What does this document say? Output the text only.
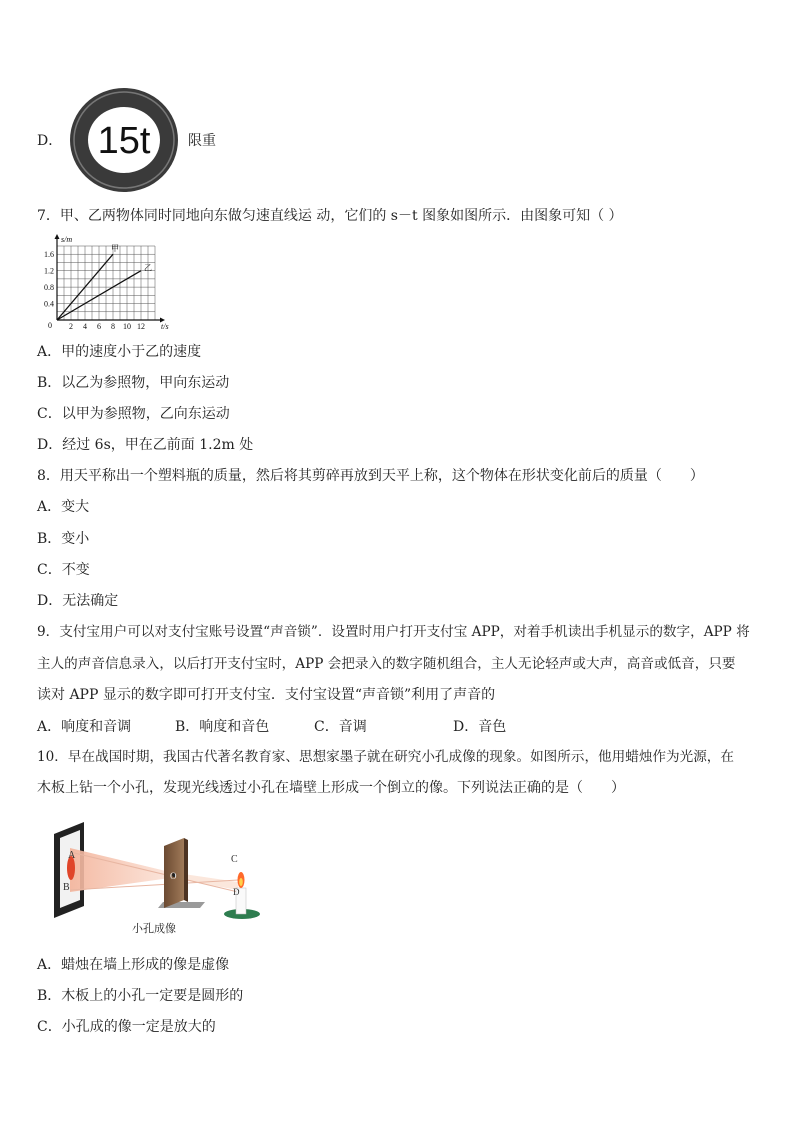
D． 15t	限重
7．甲、乙两物体同时同地向东做匀速直线运 动，它们的 s－t 图象如图所示．由图象可知（ ）
2 4 6 8 10 12
0.4
0.8
1.2
1.6
0	t/s
s/m
甲
乙
A．甲的速度小于乙的速度
B．以乙为参照物，甲向东运动
C．以甲为参照物，乙向东运动
D．经过 6s，甲在乙前面 1.2m 处
8．用天平称出一个塑料瓶的质量，然后将其剪碎再放到天平上称，这个物体在形状变化前后的质量（　　）
A．变大
B．变小
C．不变
D．无法确定
9．支付宝用户可以对支付宝账号设置“声音锁”．设置时用户打开支付宝 APP，对着手机读出手机显示的数字，APP 将
主人的声音信息录入，以后打开支付宝时，APP 会把录入的数字随机组合，主人无论轻声或大声，高音或低音，只要
读对 APP 显示的数字即可打开支付宝．支付宝设置“声音锁”利用了声音的
A．响度和音调	B．响度和音色	C．音调	D．音色
10．早在战国时期，我国古代著名教育家、思想家墨子就在研究小孔成像的现象。如图所示，他用蜡烛作为光源，在
木板上钻一个小孔，发现光线透过小孔在墙壁上形成一个倒立的像。下列说法正确的是（　　）
A
B
O
C
D
小孔成像
A．蜡烛在墙上形成的像是虚像
B．木板上的小孔一定要是圆形的
C．小孔成的像一定是放大的
